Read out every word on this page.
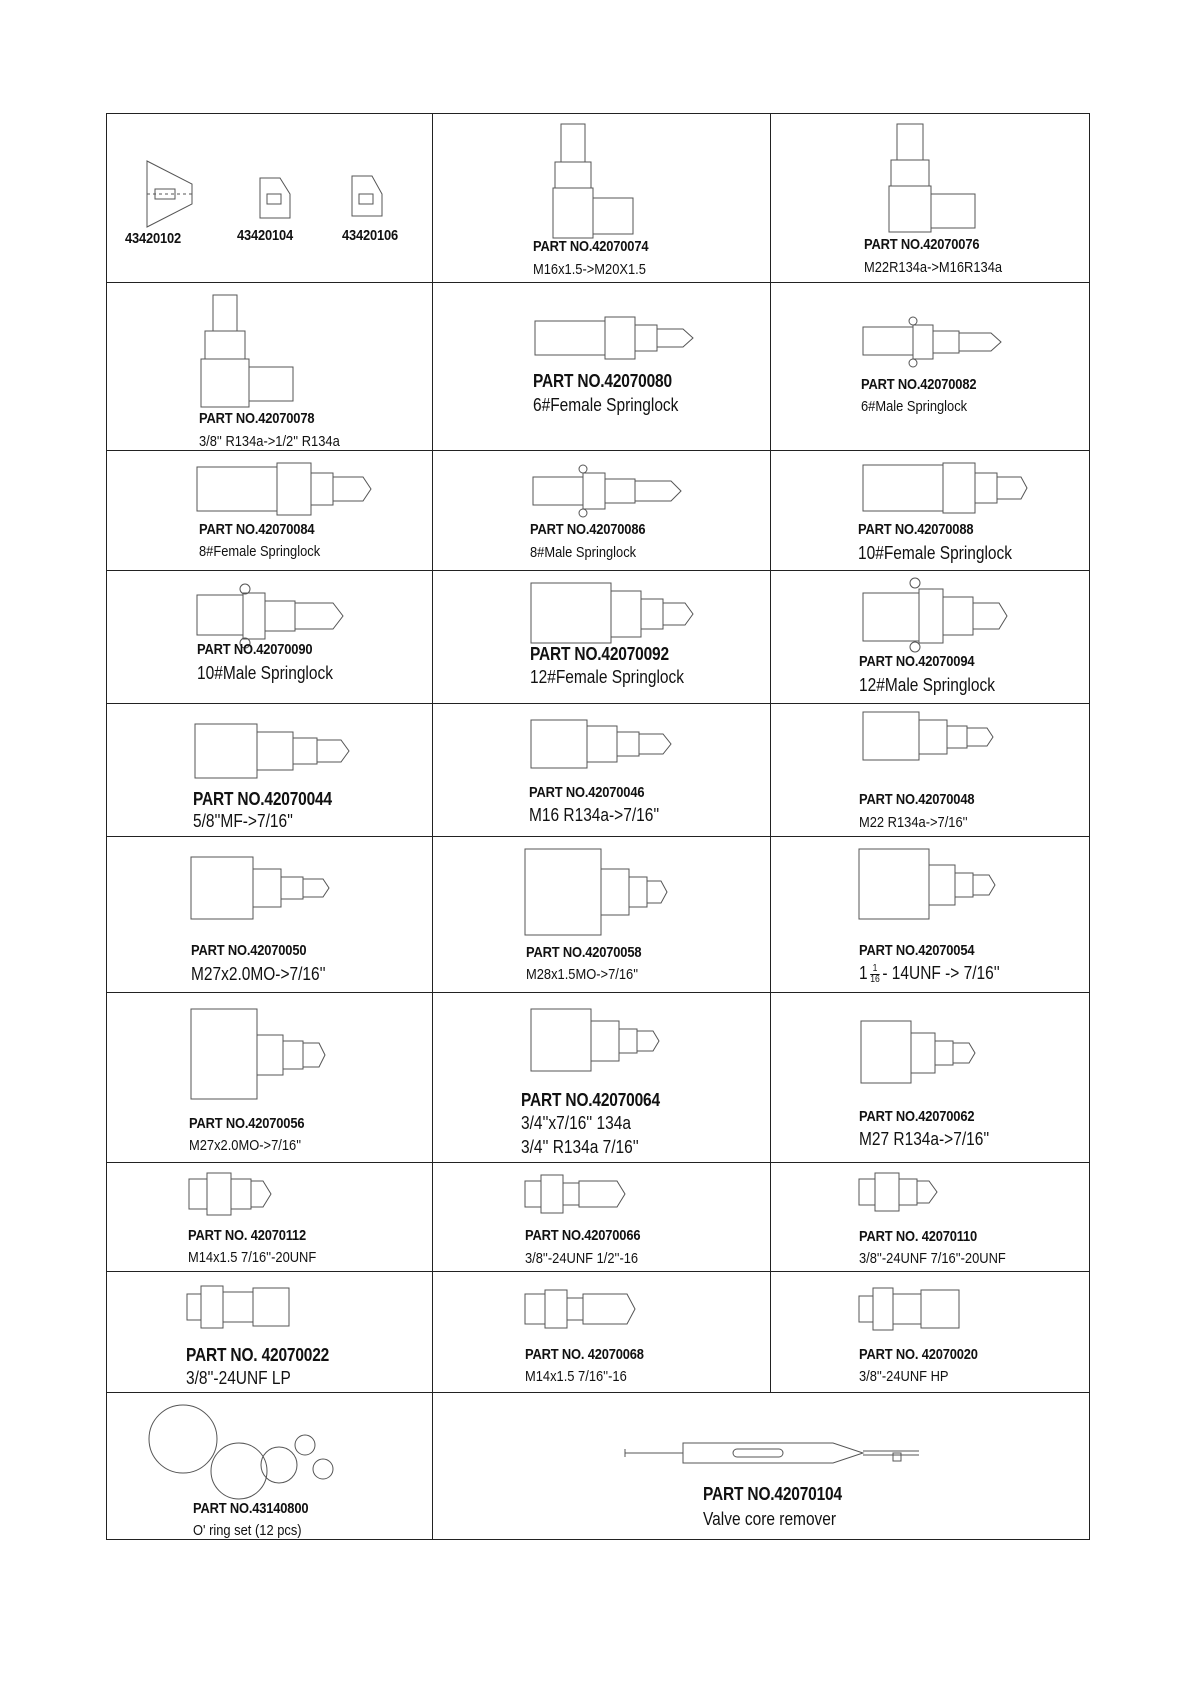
43420102	43420104	43420106
PART NO.42070074
M16x1.5->M20X1.5
PART NO.42070076
M22R134a->M16R134a
PART NO.42070078
3/8'' R134a->1/2'' R134a
PART NO.42070080
6#Female Springlock
PART NO.42070082
6#Male Springlock
PART NO.42070084
8#Female Springlock
PART NO.42070086
8#Male Springlock
PART NO.42070088
10#Female Springlock
PART NO.42070090
10#Male Springlock
PART NO.42070092
12#Female Springlock
PART NO.42070094
12#Male Springlock
PART NO.42070044
5/8''MF->7/16''
PART NO.42070046
M16 R134a->7/16''
PART NO.42070048
M22 R134a->7/16''
PART NO.42070050
M27x2.0MO->7/16''
PART NO.42070058
M28x1.5MO->7/16''
PART NO.42070054
$1 \frac{1}{16} - 14UNF -> 7/16''$
PART NO.42070056
M27x2.0MO->7/16''
PART NO.42070064
3/4''x7/16'' 134a
3/4'' R134a 7/16''
PART NO.42070062
M27 R134a->7/16''
PART NO. 42070112
M14x1.5 7/16''-20UNF
PART NO.42070066
3/8''-24UNF 1/2''-16
PART NO. 42070110
3/8''-24UNF 7/16''-20UNF
PART NO. 42070022
3/8''-24UNF LP
PART NO. 42070068
M14x1.5 7/16''-16
PART NO. 42070020
3/8''-24UNF HP
PART NO.43140800
O' ring set (12 pcs)
PART NO.42070104
Valve core remover
